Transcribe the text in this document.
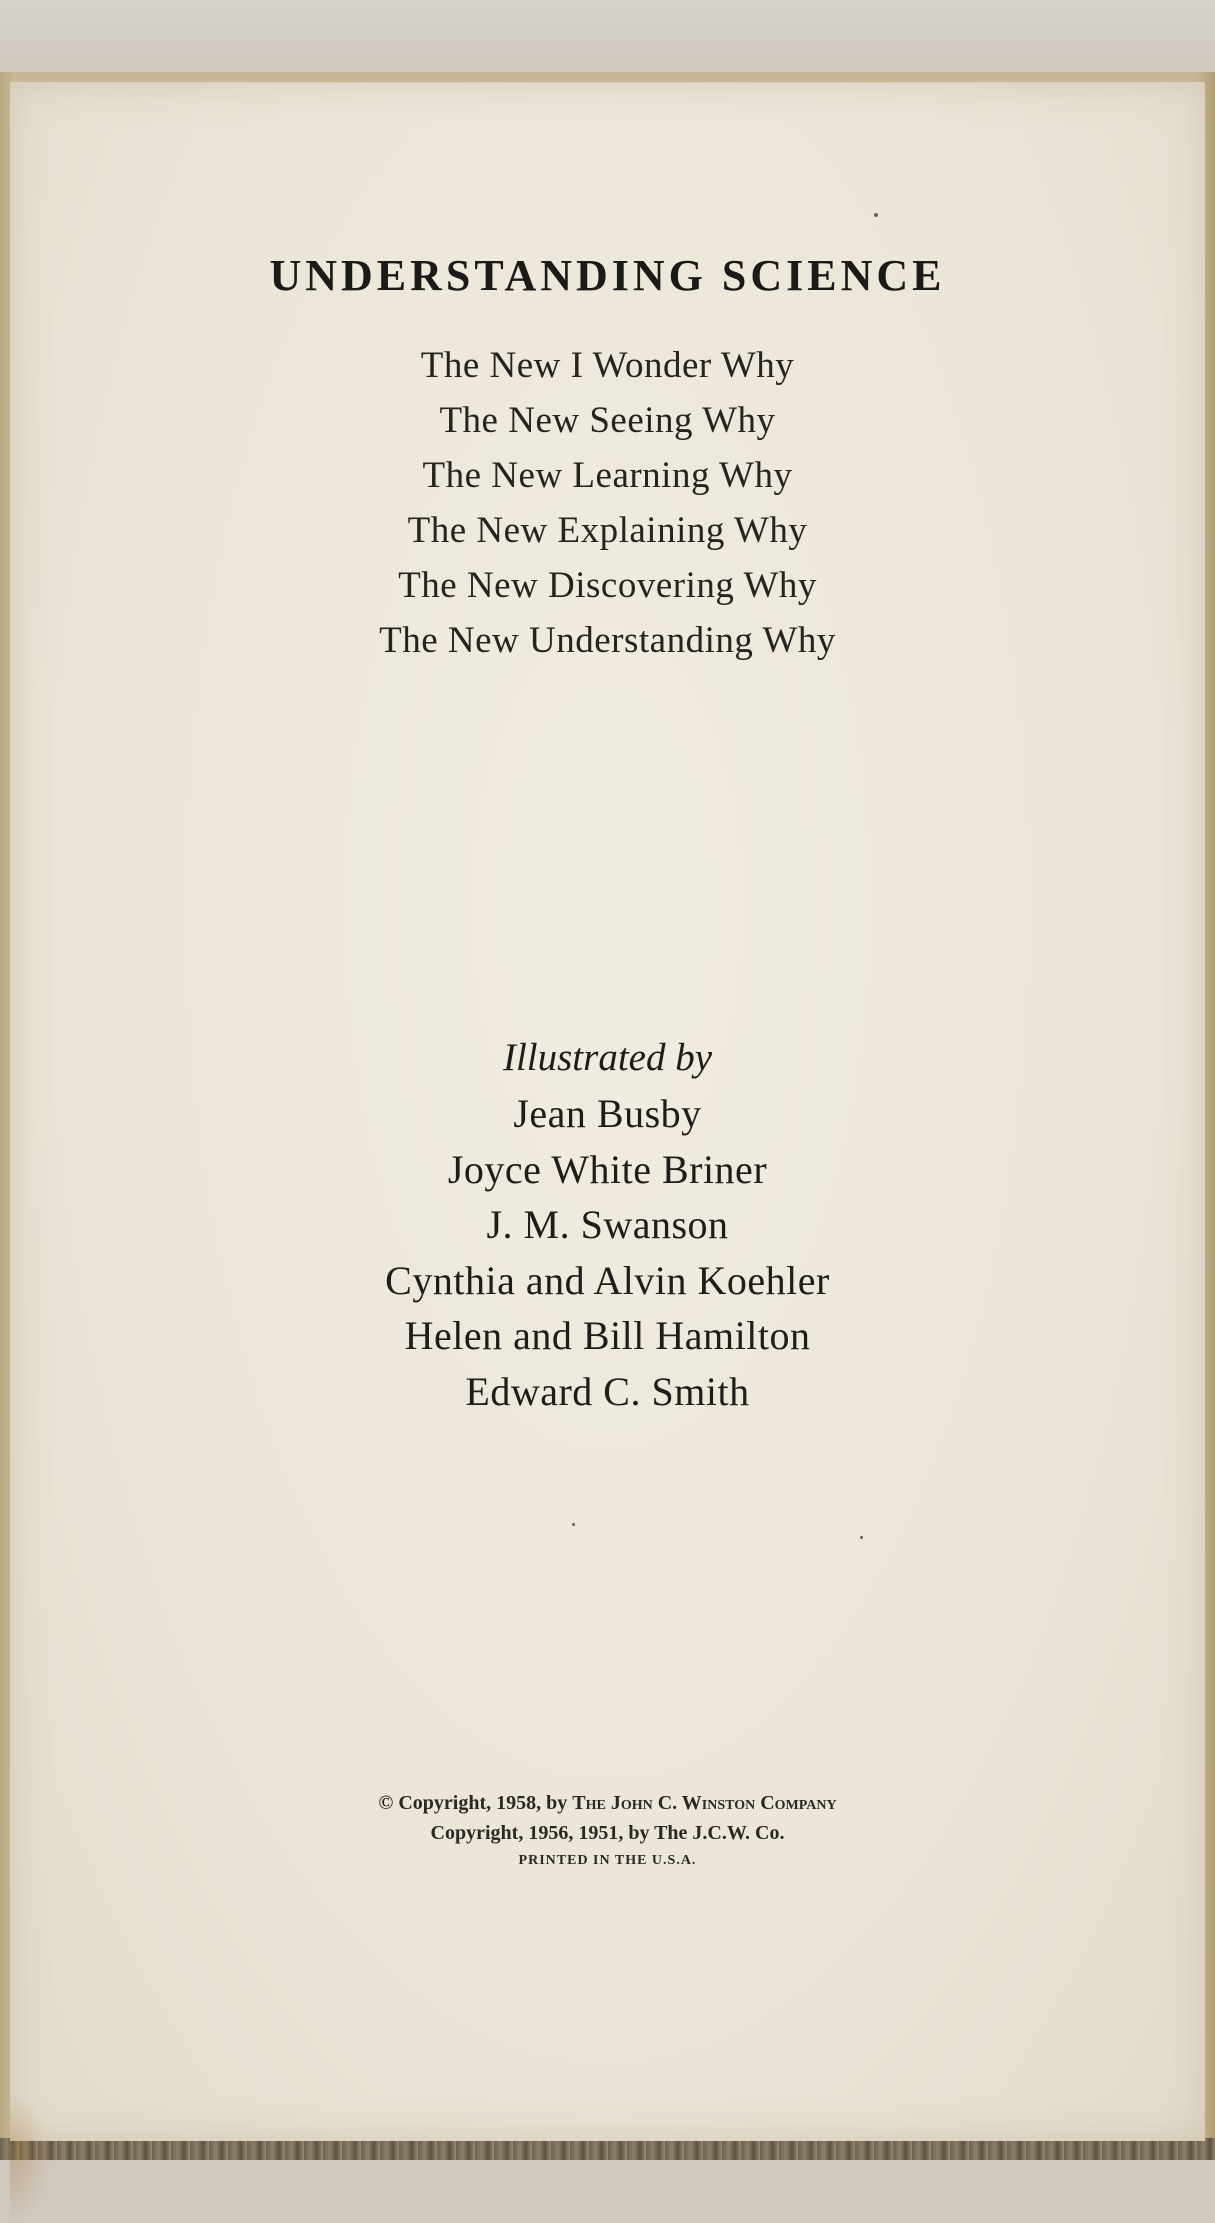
UNDERSTANDING SCIENCE
The New I Wonder Why
The New Seeing Why
The New Learning Why
The New Explaining Why
The New Discovering Why
The New Understanding Why
Illustrated by
Jean Busby
Joyce White Briner
J. M. Swanson
Cynthia and Alvin Koehler
Helen and Bill Hamilton
Edward C. Smith
© Copyright, 1958, by The John C. Winston Company
Copyright, 1956, 1951, by The J.C.W. Co.
PRINTED IN THE U.S.A.
